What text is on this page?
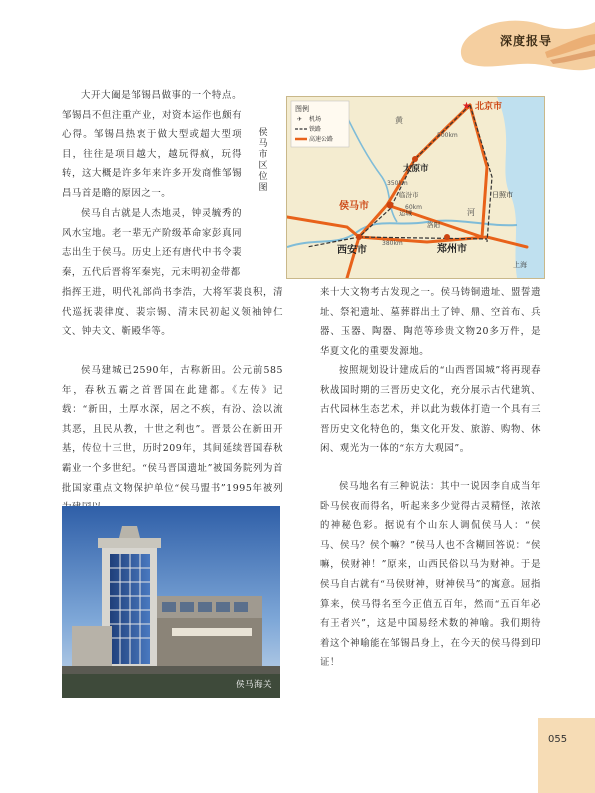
深度报导

大开大阖是邹锡昌做事的一个特点。邹锡昌不但注重产业，对资本运作也颇有心得。邹锡昌热衷于做大型或超大型项目，往往是项目越大，越玩得疯，玩得转，这大概是许多年来许多开发商惟邹锡昌马首是瞻的原因之一。

侯马自古就是人杰地灵，钟灵毓秀的风水宝地。老一辈无产阶级革命家彭真同志出生于侯马。历史上还有唐代中书令裴秦，五代后晋将军秦宪，元末明初金带都

指挥王进，明代礼部尚书李浩，大将军裴良积，清代巡抚裴律度、裴宗锡、清末民初起义领袖钟仁文、钟夫文、靳殿华等。

侯马建城已2590年，古称新田。公元前585年，春秋五霸之首晋国在此建都。《左传》记载：“新田，土厚水深，居之不疾，有汾、浍以流其恶，且民从教，十世之利也”。晋景公在新田开基，传位十三世，历时209年，其间延续晋国春秋霸业一个多世纪。“侯马晋国遗址”被国务院列为首批国家重点文物保护单位“侯马盟书”1995年被列

来十大文物考古发现之一。侯马铸铜遗址、盟誓遗址、祭祀遗址、墓葬群出土了钟、鼎、空首布、兵器、玉器、陶器、陶范等珍贵文物20多万件，是华夏文化的重要发源地。

按照规划设计建成后的“山西晋国城”将再现春秋战国时期的三晋历史文化，充分展示古代建筑、古代园林生态艺术，并以此为载体打造一个具有三晋历史文化特色的，集文化开发、旅游、购物、休闲、观光为一体的“东方大观园”。

侯马地名有三种说法：其中一说因李自成当年卧马侯夜而得名，听起来多少觉得古灵精怪，浓浓的神秘色彩。据说有个山东人调侃侯马人：“侯马、侯马？侯个嘛？”侯马人也不含糊回答说：“侯嘛，侯财神！”原来，山西民俗以马为财神。于是侯马自古就有“马侯财神，财神侯马”的寓意。屈指算来，侯马得名至今正值五百年，然而“五百年必有王者兴”，这是中国易经术数的神喻。我们期待着这个神喻能在邹锡昌身上，在今天的侯马得到印证！

侯马市区位图
图例
✈ 机场
铁路
高速公路
★ 北京市
太原市
侯马市
临汾市
运城
洛阳
西安市	郑州市
日照市
黄
河
上海
500km
350km
380km
60km
侯马海关
055
